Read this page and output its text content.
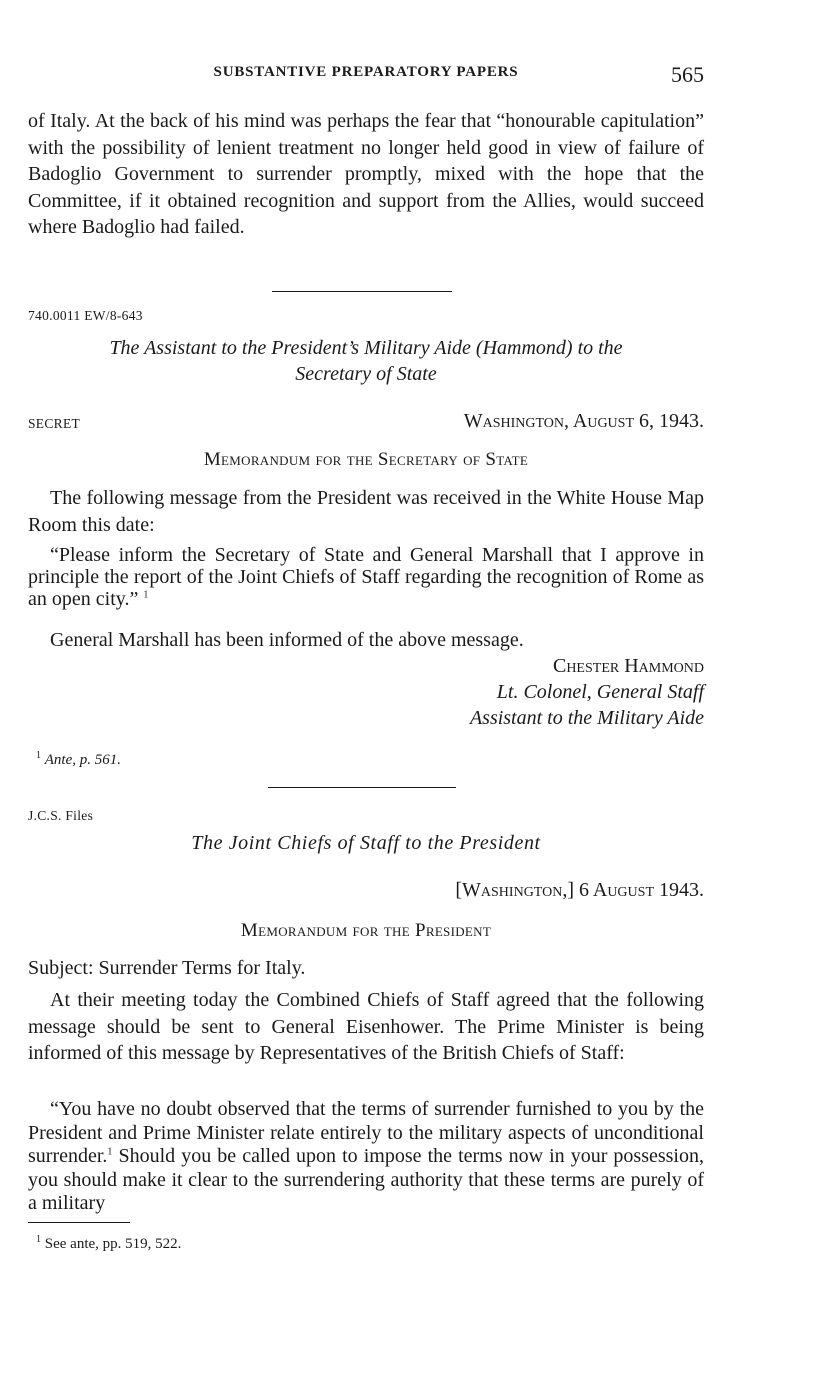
SUBSTANTIVE PREPARATORY PAPERS	565

of Italy. At the back of his mind was perhaps the fear that “honourable capitulation” with the possibility of lenient treatment no longer held good in view of failure of Badoglio Government to surrender promptly, mixed with the hope that the Committee, if it obtained recognition and support from the Allies, would succeed where Badoglio had failed.

740.0011 EW/8-643
The Assistant to the President’s Military Aide (Hammond) to the
Secretary of State
SECRET	Washington, August 6, 1943.
Memorandum for the Secretary of State

The following message from the President was received in the White House Map Room this date:

“Please inform the Secretary of State and General Marshall that I approve in principle the report of the Joint Chiefs of Staff regarding the recognition of Rome as an open city.” $^1$

General Marshall has been informed of the above message.

Chester Hammond
Lt. Colonel, General Staff
Assistant to the Military Aide
$^1$ Ante, p. 561.
J.C.S. Files
The Joint Chiefs of Staff to the President
[Washington,] 6 August 1943.
Memorandum for the President
Subject: Surrender Terms for Italy.

At their meeting today the Combined Chiefs of Staff agreed that the following message should be sent to General Eisenhower. The Prime Minister is being informed of this message by Representatives of the British Chiefs of Staff:

“You have no doubt observed that the terms of surrender furnished to you by the President and Prime Minister relate entirely to the military aspects of unconditional surrender.$^1$ Should you be called upon to impose the terms now in your possession, you should make it clear to the surrendering authority that these terms are purely of a military

$^1$ See ante, pp. 519, 522.
